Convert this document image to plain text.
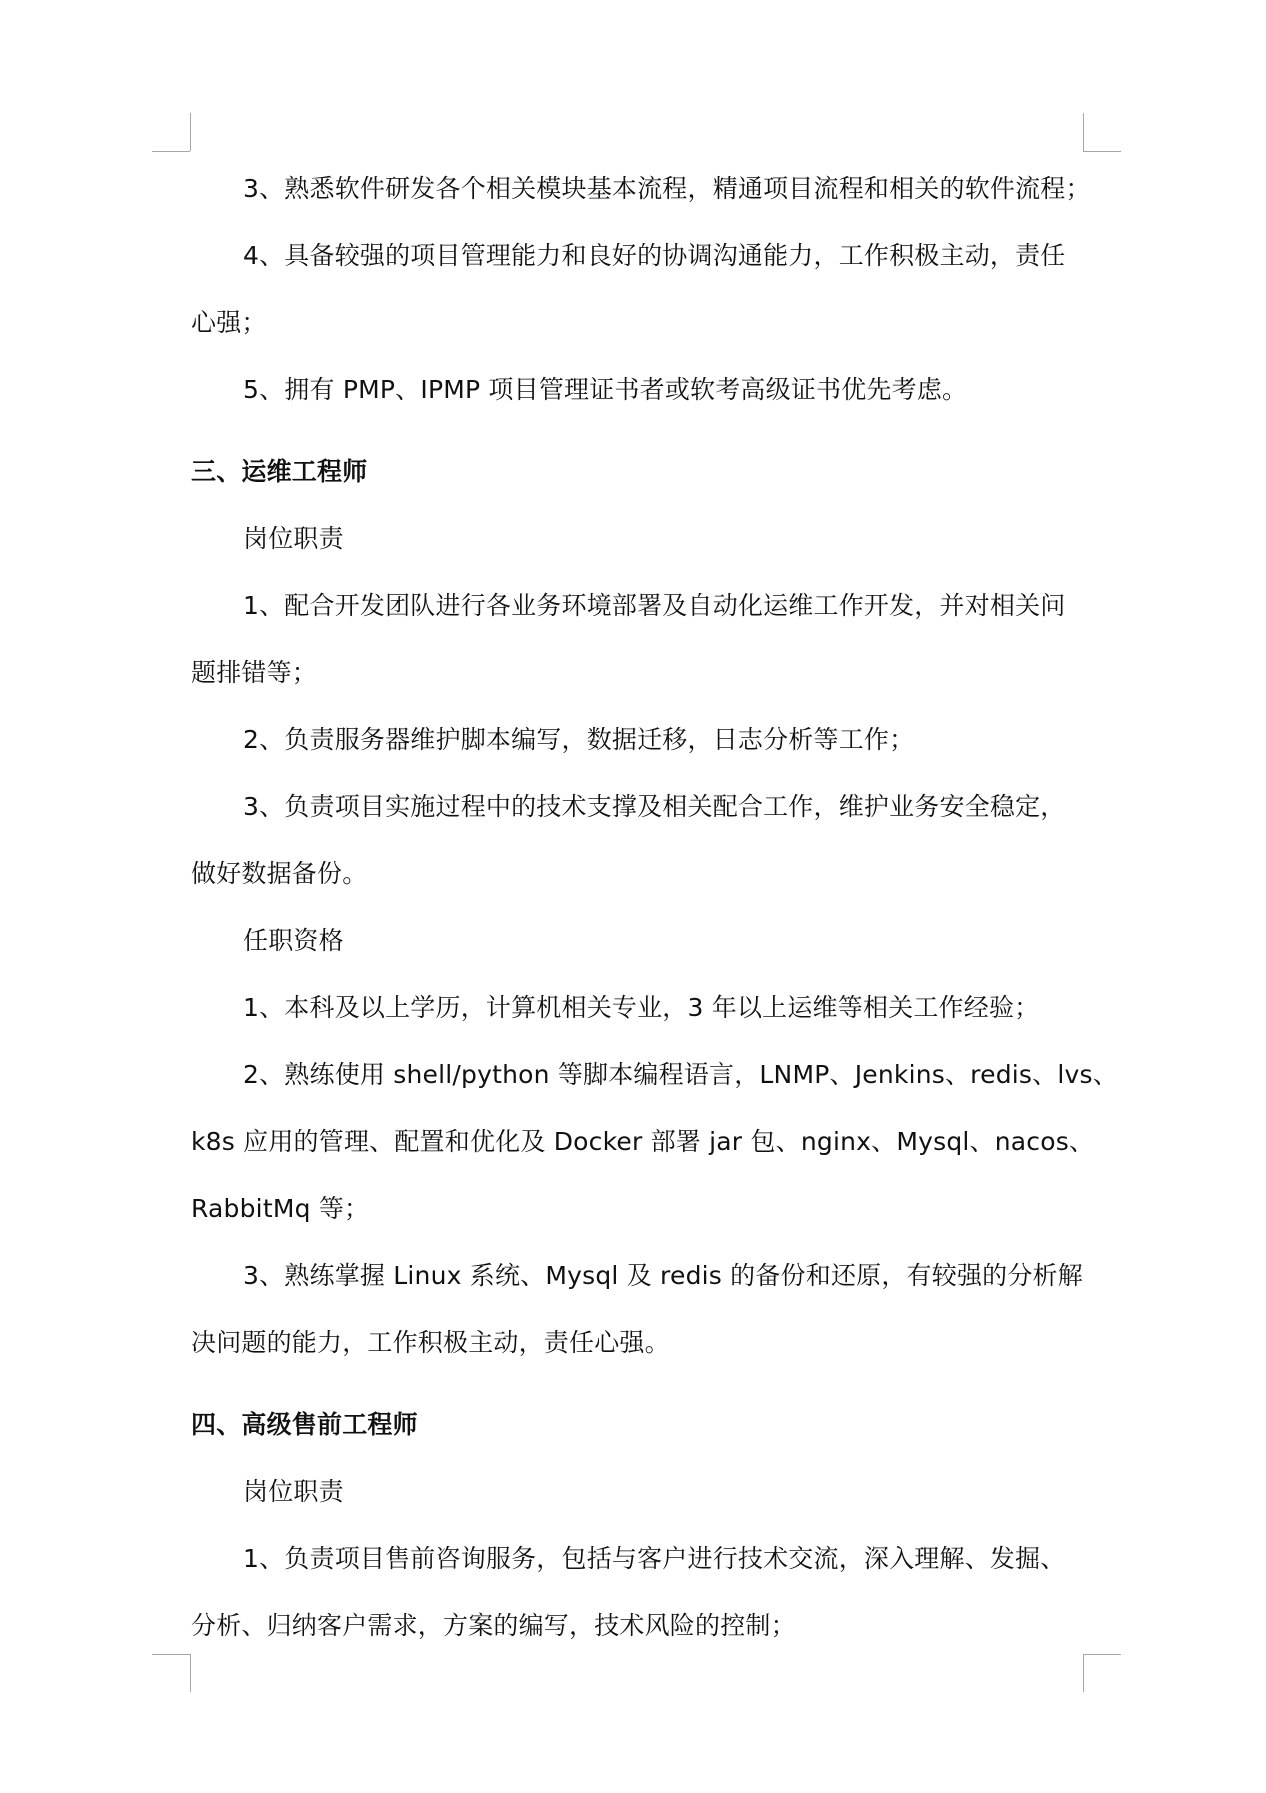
3、熟悉软件研发各个相关模块基本流程，精通项目流程和相关的软件流程；
4、具备较强的项目管理能力和良好的协调沟通能力，工作积极主动，责任
心强；
5、拥有 PMP、IPMP 项目管理证书者或软考高级证书优先考虑。
三、运维工程师
岗位职责
1、配合开发团队进行各业务环境部署及自动化运维工作开发，并对相关问
题排错等；
2、负责服务器维护脚本编写，数据迁移，日志分析等工作；
3、负责项目实施过程中的技术支撑及相关配合工作，维护业务安全稳定，
做好数据备份。
任职资格
1、本科及以上学历，计算机相关专业，3 年以上运维等相关工作经验；
2、熟练使用 shell/python 等脚本编程语言，LNMP、Jenkins、redis、lvs、
k8s 应用的管理、配置和优化及 Docker 部署 jar 包、nginx、Mysql、nacos、
RabbitMq 等；
3、熟练掌握 Linux 系统、Mysql 及 redis 的备份和还原，有较强的分析解
决问题的能力，工作积极主动，责任心强。
四、高级售前工程师
岗位职责
1、负责项目售前咨询服务，包括与客户进行技术交流，深入理解、发掘、
分析、归纳客户需求，方案的编写，技术风险的控制；
